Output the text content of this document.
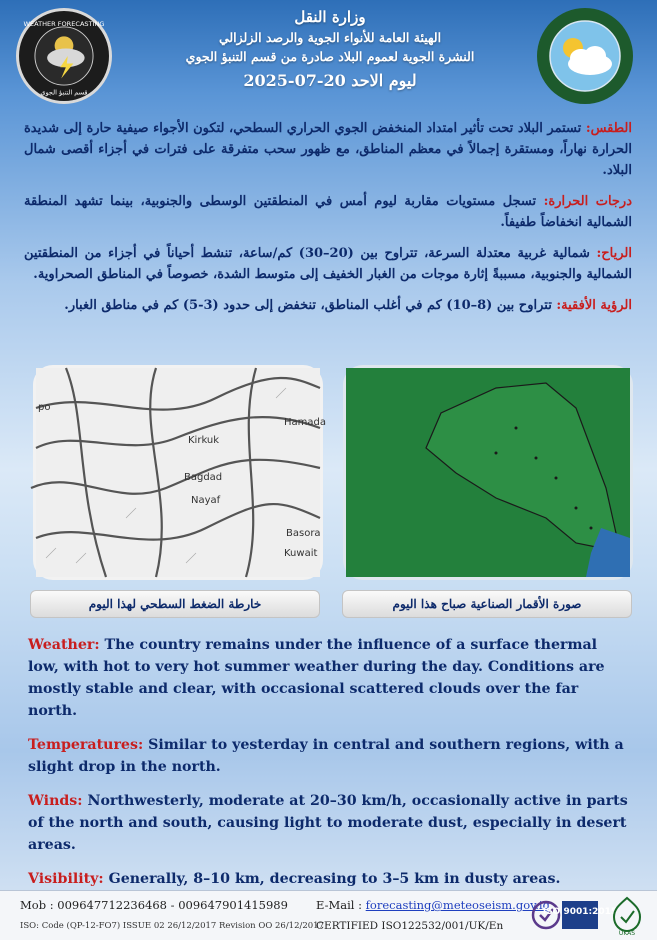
WEATHER FORECASTING
قسم التنبؤ الجوي
وزارة النقل
الهيئة العامة للأنواء الجوية والرصد الزلزالي
النشرة الجوية لعموم البلاد صادرة من قسم التنبؤ الجوي
ليوم الاحد 20-07-2025

الطقس: تستمر البلاد تحت تأثير امتداد المنخفض الجوي الحراري السطحي، لتكون الأجواء صيفية حارة إلى شديدة الحرارة نهاراً، ومستقرة إجمالاً في معظم المناطق، مع ظهور سحب متفرقة على فترات في أجزاء أقصى شمال البلاد.

درجات الحرارة: تسجل مستويات مقاربة ليوم أمس في المنطقتين الوسطى والجنوبية، بينما تشهد المنطقة الشمالية انخفاضاً طفيفاً.

الرياح: شمالية غربية معتدلة السرعة، تتراوح بين (20–30) كم/ساعة، تنشط أحياناً في أجزاء من المنطقتين الشمالية والجنوبية، مسببةً إثارة موجات من الغبار الخفيف إلى متوسط الشدة، خصوصاً في المناطق الصحراوية.

الرؤية الأفقية: تتراوح بين (8–10) كم في أغلب المناطق، تنخفض إلى حدود (3-5) كم في مناطق الغبار.

Kirkuk
Bagdad
Nayaf
Hamada
Basora
Kuwait
po
خارطة الضغط السطحي لهذا اليوم	صورة الأقمار الصناعية صباح هذا اليوم

Weather: The country remains under the influence of a surface thermal low, with hot to very hot summer weather during the day. Conditions are mostly stable and clear, with occasional scattered clouds over the far north.

Temperatures: Similar to yesterday in central and southern regions, with a slight drop in the north.

Winds: Northwesterly, moderate at 20–30 km/h, occasionally active in parts of the north and south, causing light to moderate dust, especially in desert areas.

Visibility: Generally, 8–10 km, decreasing to 3–5 km in dusty areas.

Mob : 009647712236468 - 009647901415989 E-Mail : forecasting@meteoseism.gov.iq
ISO: Code (QP-12-FO7) ISSUE 02 26/12/2017 Revision OO 26/12/2017
CERTIFIED ISO122532/001/UK/En
ISO 9001:2015
UKAS
